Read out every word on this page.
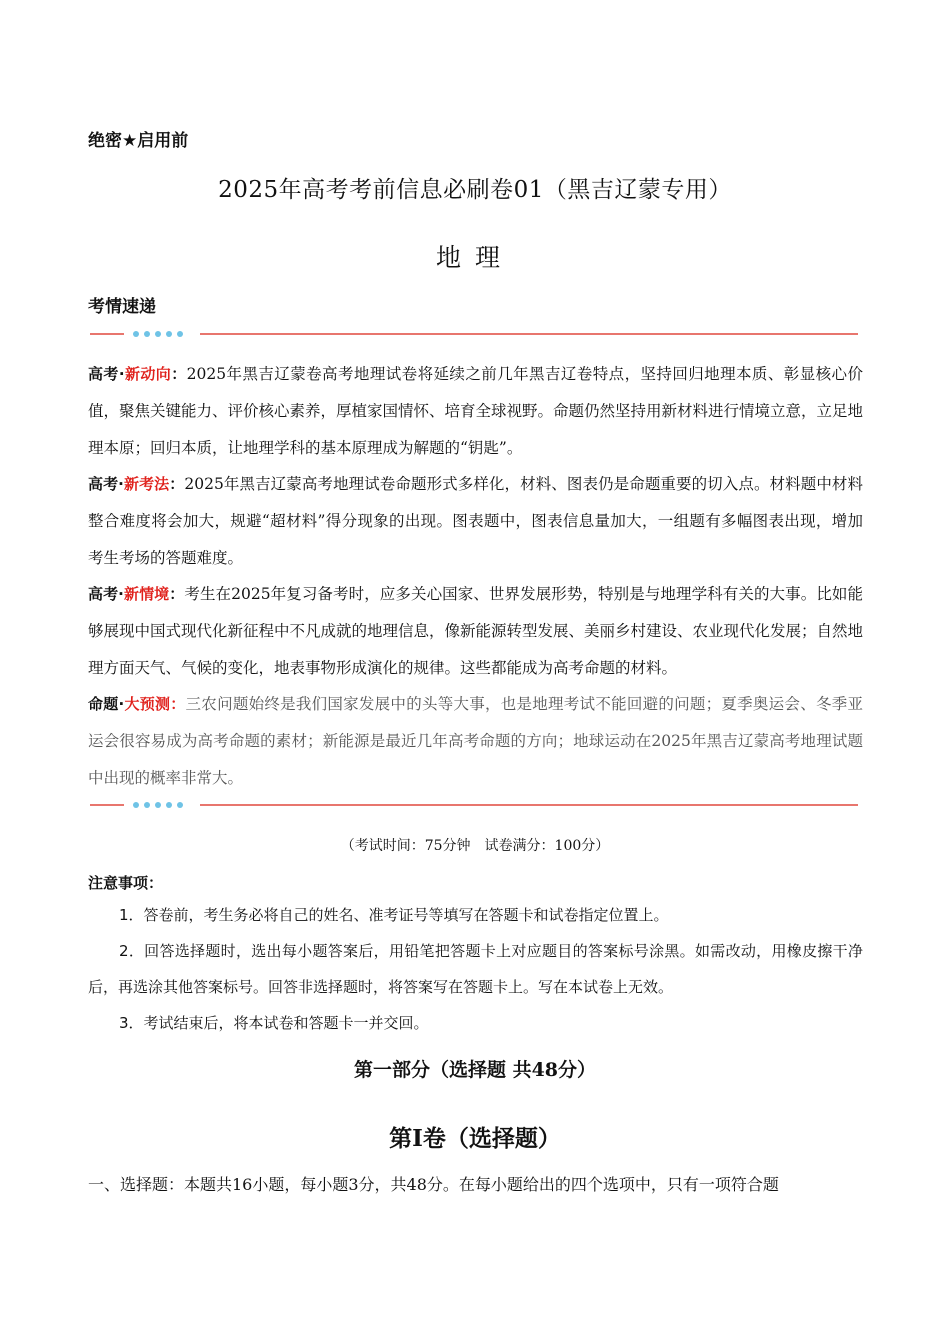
绝密★启用前
2025年高考考前信息必刷卷01（黑吉辽蒙专用）
地理
考情速递
高考·新动向：2025年黑吉辽蒙卷高考地理试卷将延续之前几年黑吉辽卷特点，坚持回归地理本质、彰显核心价值，聚焦关键能力、评价核心素养，厚植家国情怀、培育全球视野。命题仍然坚持用新材料进行情境立意，立足地理本原；回归本质，让地理学科的基本原理成为解题的“钥匙”。
高考·新考法：2025年黑吉辽蒙高考地理试卷命题形式多样化，材料、图表仍是命题重要的切入点。材料题中材料整合难度将会加大，规避“超材料”得分现象的出现。图表题中，图表信息量加大，一组题有多幅图表出现，增加考生考场的答题难度。
高考·新情境：考生在2025年复习备考时，应多关心国家、世界发展形势，特别是与地理学科有关的大事。比如能够展现中国式现代化新征程中不凡成就的地理信息，像新能源转型发展、美丽乡村建设、农业现代化发展；自然地理方面天气、气候的变化，地表事物形成演化的规律。这些都能成为高考命题的材料。
命题·大预测：三农问题始终是我们国家发展中的头等大事，也是地理考试不能回避的问题；夏季奥运会、冬季亚运会很容易成为高考命题的素材；新能源是最近几年高考命题的方向；地球运动在2025年黑吉辽蒙高考地理试题中出现的概率非常大。
（考试时间：75分钟　试卷满分：100分）
注意事项：

1．答卷前，考生务必将自己的姓名、准考证号等填写在答题卡和试卷指定位置上。

2．回答选择题时，选出每小题答案后，用铅笔把答题卡上对应题目的答案标号涂黑。如需改动，用橡皮擦干净后，再选涂其他答案标号。回答非选择题时，将答案写在答题卡上。写在本试卷上无效。

3．考试结束后，将本试卷和答题卡一并交回。

第一部分（选择题 共48分）
第Ⅰ卷（选择题）
一、选择题：本题共16小题，每小题3分，共48分。在每小题给出的四个选项中，只有一项符合题
